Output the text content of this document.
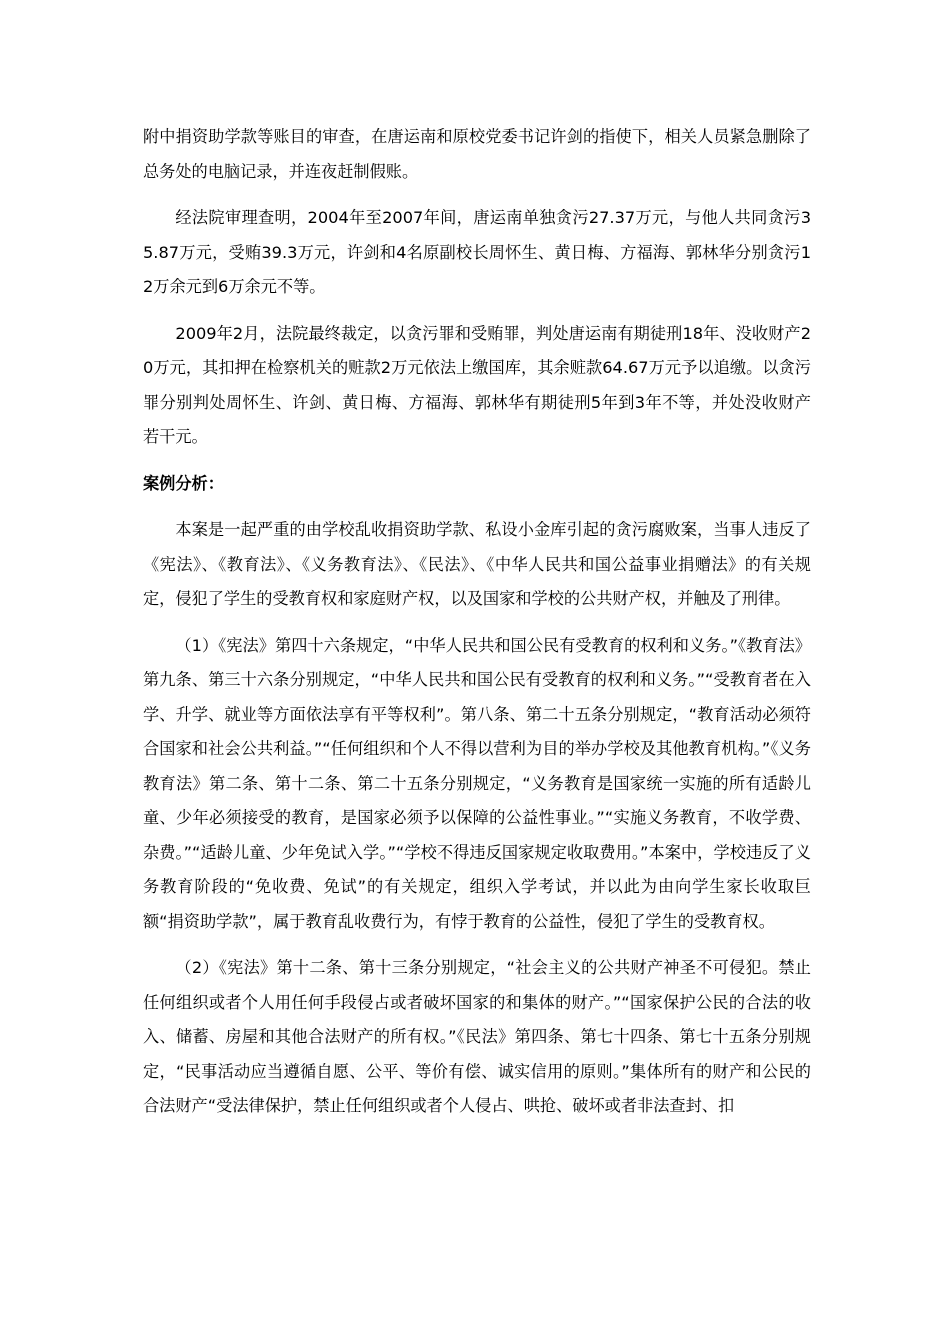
附中捐资助学款等账目的审查，在唐运南和原校党委书记许剑的指使下，相关人员紧急删除了总务处的电脑记录，并连夜赶制假账。

经法院审理查明，2004年至2007年间，唐运南单独贪污27.37万元，与他人共同贪污35.87万元，受贿39.3万元，许剑和4名原副校长周怀生、黄日梅、方福海、郭林华分别贪污12万余元到6万余元不等。

2009年2月，法院最终裁定，以贪污罪和受贿罪，判处唐运南有期徒刑18年、没收财产20万元，其扣押在检察机关的赃款2万元依法上缴国库，其余赃款64.67万元予以追缴。以贪污罪分别判处周怀生、许剑、黄日梅、方福海、郭林华有期徒刑5年到3年不等，并处没收财产若干元。

案例分析：

本案是一起严重的由学校乱收捐资助学款、私设小金库引起的贪污腐败案，当事人违反了《宪法》、《教育法》、《义务教育法》、《民法》、《中华人民共和国公益事业捐赠法》的有关规定，侵犯了学生的受教育权和家庭财产权，以及国家和学校的公共财产权，并触及了刑律。

（1）《宪法》第四十六条规定，“中华人民共和国公民有受教育的权利和义务。”《教育法》第九条、第三十六条分别规定，“中华人民共和国公民有受教育的权利和义务。”“受教育者在入学、升学、就业等方面依法享有平等权利”。第八条、第二十五条分别规定，“教育活动必须符合国家和社会公共利益。”“任何组织和个人不得以营利为目的举办学校及其他教育机构。”《义务教育法》第二条、第十二条、第二十五条分别规定，“义务教育是国家统一实施的所有适龄儿童、少年必须接受的教育，是国家必须予以保障的公益性事业。”“实施义务教育，不收学费、杂费。”“适龄儿童、少年免试入学。”“学校不得违反国家规定收取费用。”本案中，学校违反了义务教育阶段的“免收费、免试”的有关规定，组织入学考试，并以此为由向学生家长收取巨额“捐资助学款”，属于教育乱收费行为，有悖于教育的公益性，侵犯了学生的受教育权。

（2）《宪法》第十二条、第十三条分别规定，“社会主义的公共财产神圣不可侵犯。禁止任何组织或者个人用任何手段侵占或者破坏国家的和集体的财产。”“国家保护公民的合法的收入、储蓄、房屋和其他合法财产的所有权。”《民法》第四条、第七十四条、第七十五条分别规定，“民事活动应当遵循自愿、公平、等价有偿、诚实信用的原则。”集体所有的财产和公民的合法财产“受法律保护，禁止任何组织或者个人侵占、哄抢、破坏或者非法查封、扣
